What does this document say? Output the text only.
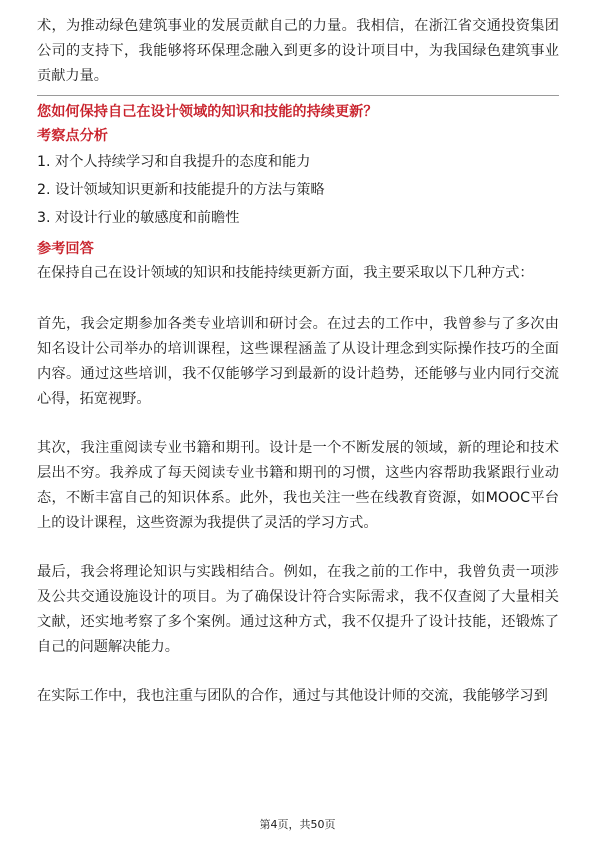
术，为推动绿色建筑事业的发展贡献自己的力量。我相信，在浙江省交通投资集团公司的支持下，我能够将环保理念融入到更多的设计项目中，为我国绿色建筑事业贡献力量。

您如何保持自己在设计领域的知识和技能的持续更新？

考察点分析

1. 对个人持续学习和自我提升的态度和能力
2. 设计领域知识更新和技能提升的方法与策略
3. 对设计行业的敏感度和前瞻性

参考回答

在保持自己在设计领域的知识和技能持续更新方面，我主要采取以下几种方式：

首先，我会定期参加各类专业培训和研讨会。在过去的工作中，我曾参与了多次由知名设计公司举办的培训课程，这些课程涵盖了从设计理念到实际操作技巧的全面内容。通过这些培训，我不仅能够学习到最新的设计趋势，还能够与业内同行交流心得，拓宽视野。

其次，我注重阅读专业书籍和期刊。设计是一个不断发展的领域，新的理论和技术层出不穷。我养成了每天阅读专业书籍和期刊的习惯，这些内容帮助我紧跟行业动态，不断丰富自己的知识体系。此外，我也关注一些在线教育资源，如MOOC平台上的设计课程，这些资源为我提供了灵活的学习方式。

最后，我会将理论知识与实践相结合。例如，在我之前的工作中，我曾负责一项涉及公共交通设施设计的项目。为了确保设计符合实际需求，我不仅查阅了大量相关文献，还实地考察了多个案例。通过这种方式，我不仅提升了设计技能，还锻炼了自己的问题解决能力。

在实际工作中，我也注重与团队的合作，通过与其他设计师的交流，我能够学习到

第4页，共50页
